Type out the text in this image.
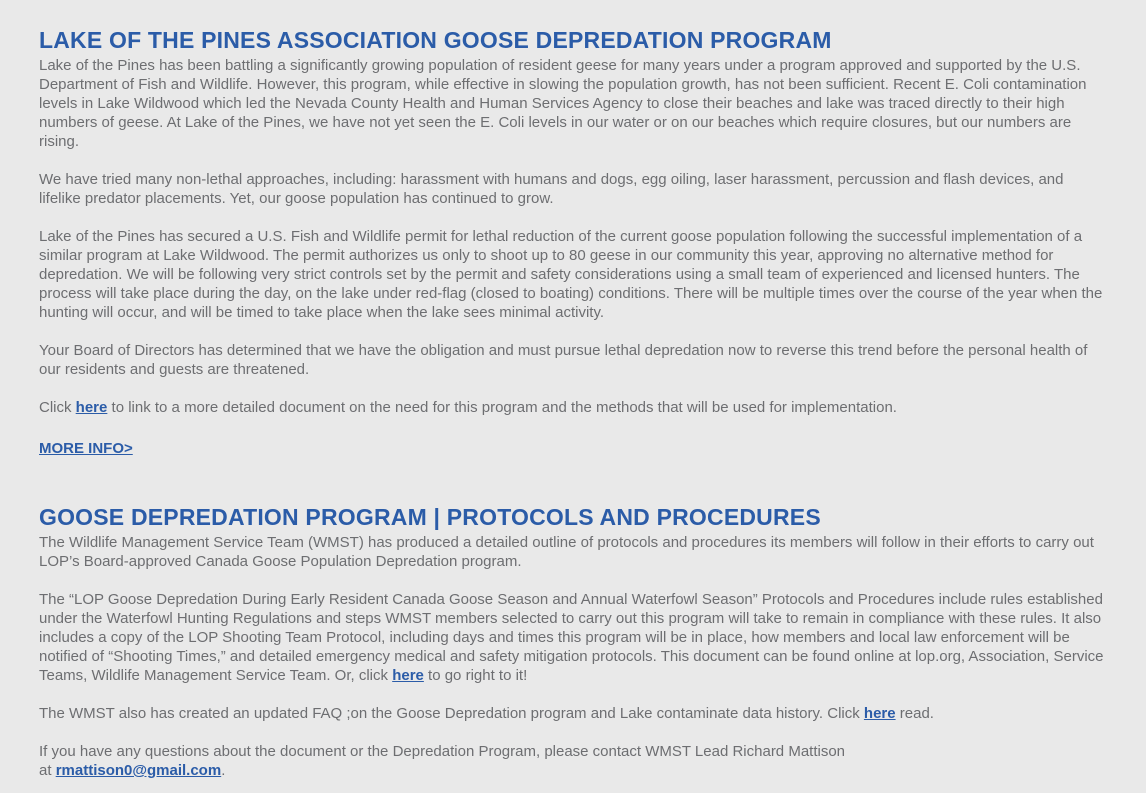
LAKE OF THE PINES ASSOCIATION GOOSE DEPREDATION PROGRAM

Lake of the Pines has been battling a significantly growing population of resident geese for many years under a program approved and supported by the U.S. Department of Fish and Wildlife. However, this program, while effective in slowing the population growth, has not been sufficient. Recent E. Coli contamination levels in Lake Wildwood which led the Nevada County Health and Human Services Agency to close their beaches and lake was traced directly to their high numbers of geese. At Lake of the Pines, we have not yet seen the E. Coli levels in our water or on our beaches which require closures, but our numbers are rising.

We have tried many non-lethal approaches, including: harassment with humans and dogs, egg oiling, laser harassment, percussion and flash devices, and lifelike predator placements. Yet, our goose population has continued to grow.

Lake of the Pines has secured a U.S. Fish and Wildlife permit for lethal reduction of the current goose population following the successful implementation of a similar program at Lake Wildwood. The permit authorizes us only to shoot up to 80 geese in our community this year, approving no alternative method for depredation. We will be following very strict controls set by the permit and safety considerations using a small team of experienced and licensed hunters. The process will take place during the day, on the lake under red-flag (closed to boating) conditions. There will be multiple times over the course of the year when the hunting will occur, and will be timed to take place when the lake sees minimal activity.

Your Board of Directors has determined that we have the obligation and must pursue lethal depredation now to reverse this trend before the personal health of our residents and guests are threatened.

Click here to link to a more detailed document on the need for this program and the methods that will be used for implementation.

MORE INFO>

GOOSE DEPREDATION PROGRAM | PROTOCOLS AND PROCEDURES

The Wildlife Management Service Team (WMST) has produced a detailed outline of protocols and procedures its members will follow in their efforts to carry out LOP’s Board-approved Canada Goose Population Depredation program.

The “LOP Goose Depredation During Early Resident Canada Goose Season and Annual Waterfowl Season” Protocols and Procedures include rules established under the Waterfowl Hunting Regulations and steps WMST members selected to carry out this program will take to remain in compliance with these rules. It also includes a copy of the LOP Shooting Team Protocol, including days and times this program will be in place, how members and local law enforcement will be notified of “Shooting Times,” and detailed emergency medical and safety mitigation protocols. This document can be found online at lop.org, Association, Service Teams, Wildlife Management Service Team. Or, click here to go right to it!

The WMST also has created an updated FAQ ;on the Goose Depredation program and Lake contaminate data history. Click here read.

If you have any questions about the document or the Depredation Program, please contact WMST Lead Richard Mattison
at rmattison0@gmail.com.
